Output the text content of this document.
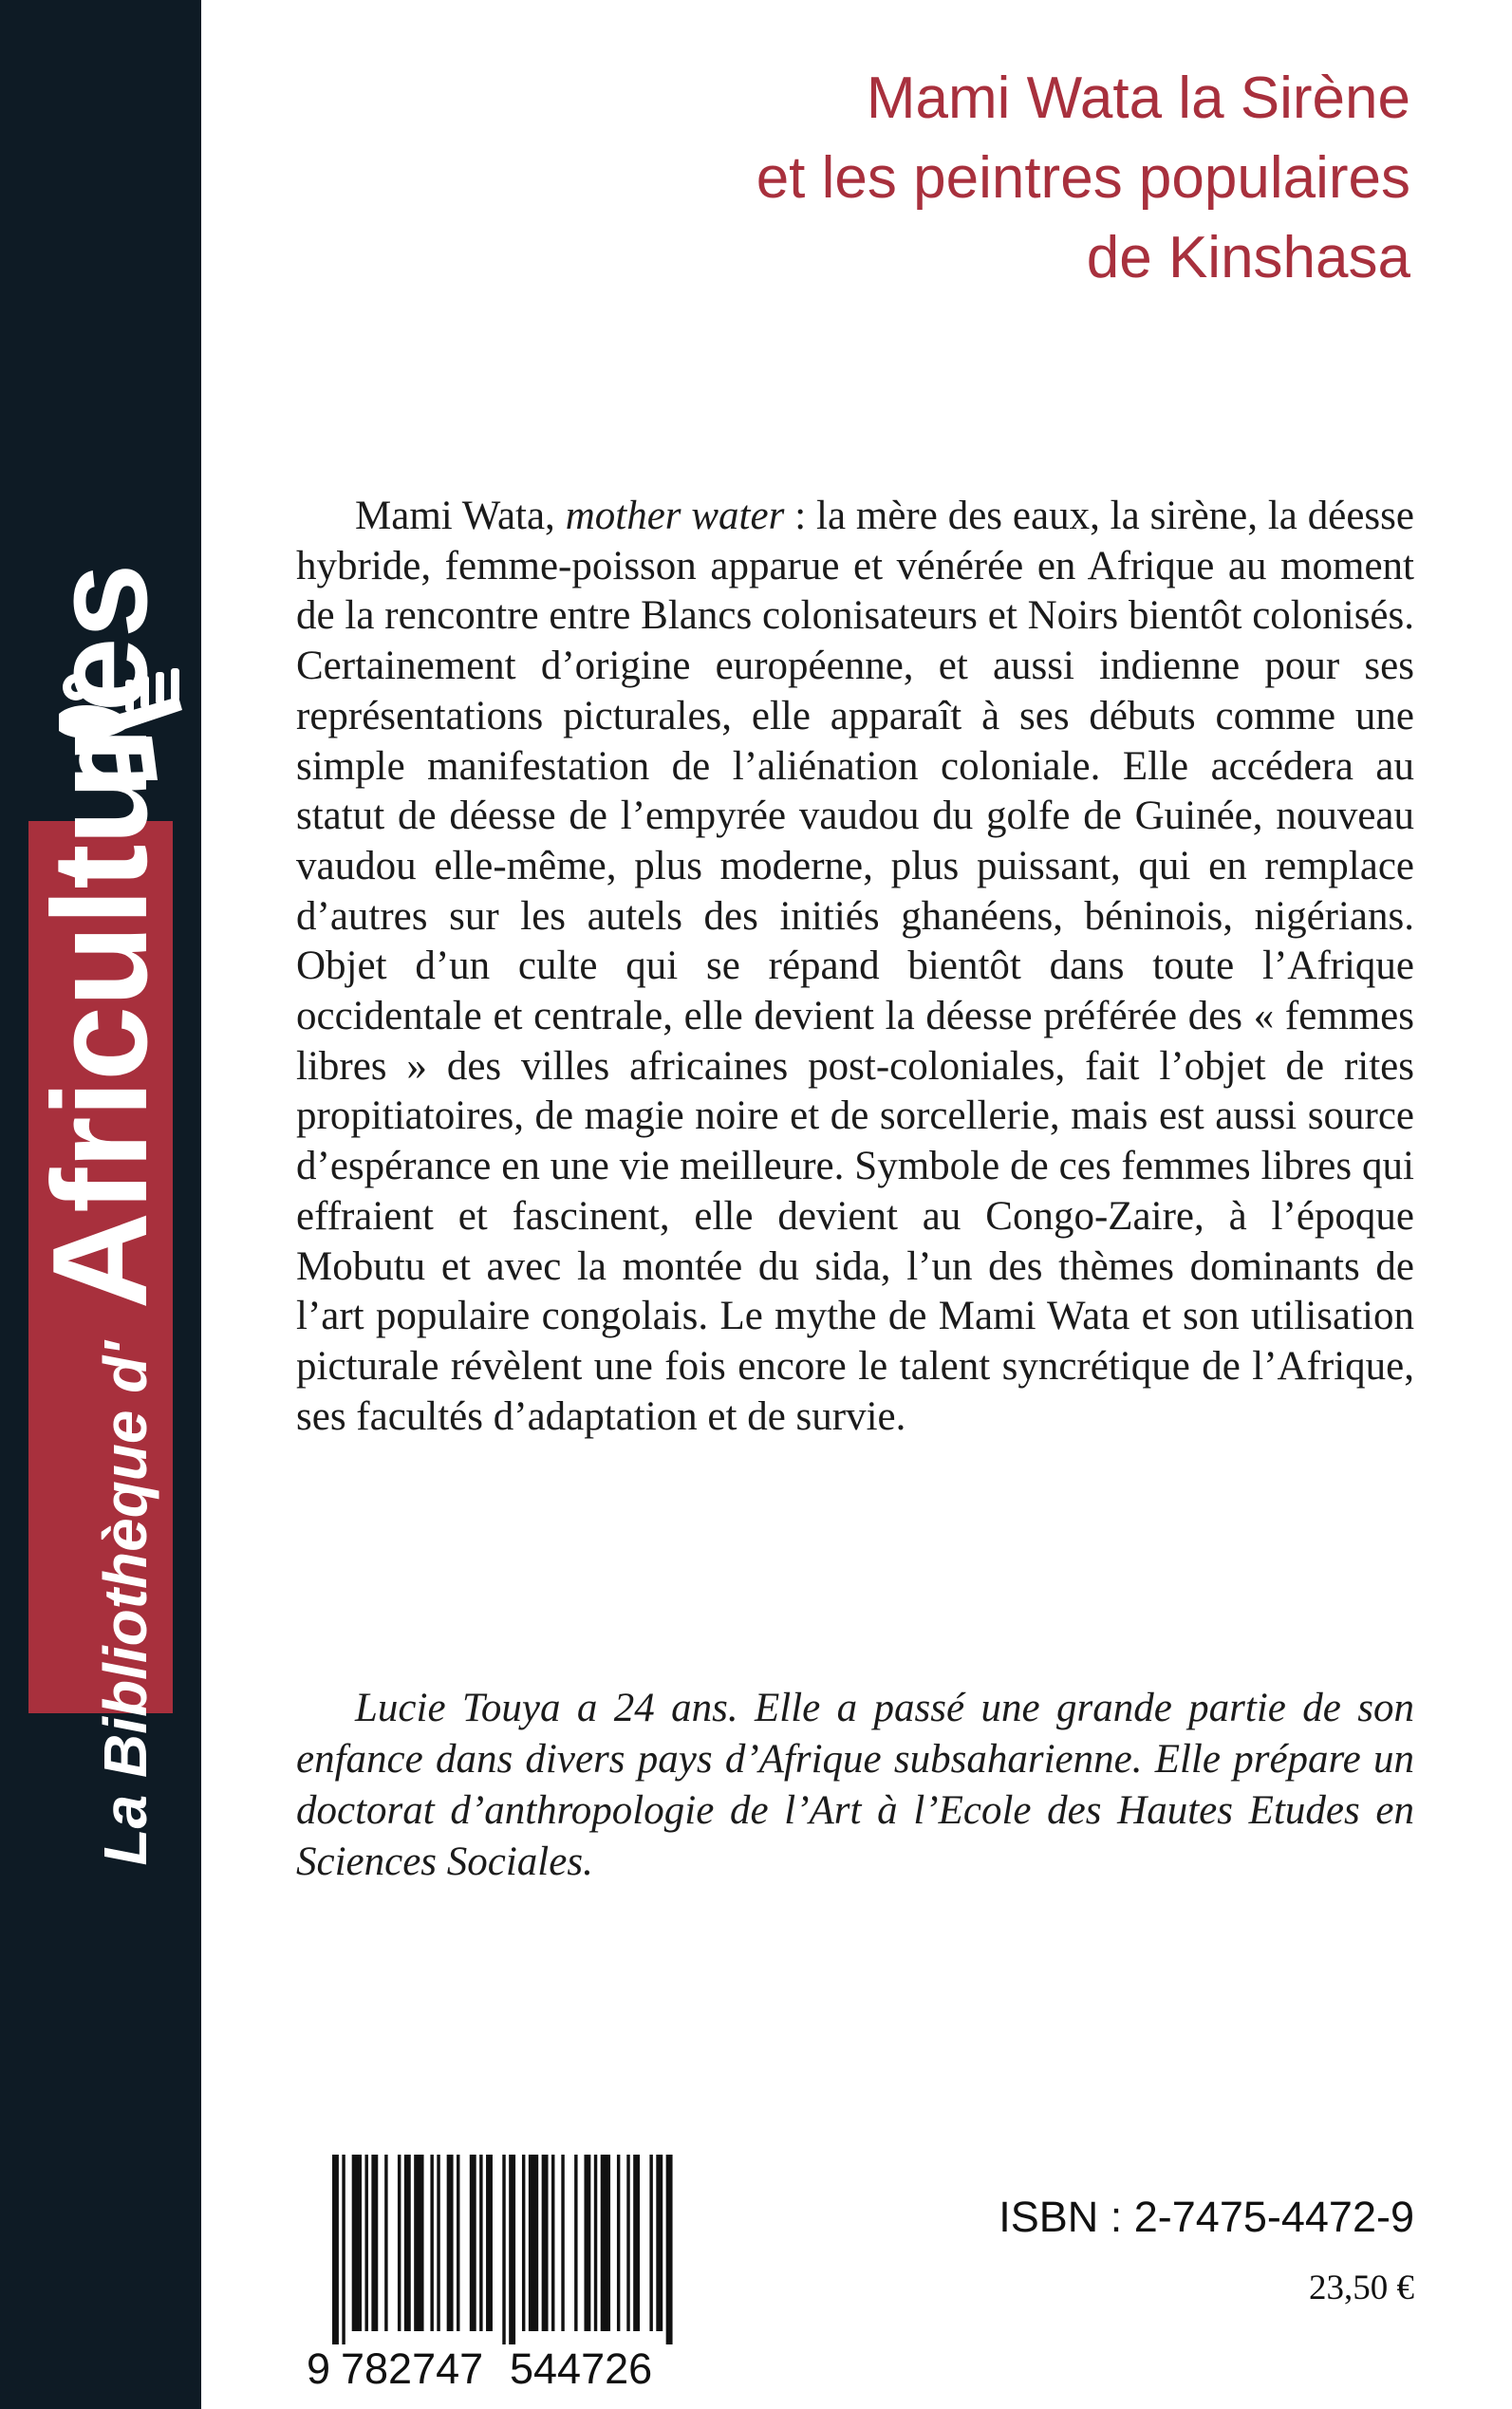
La Bibliothèque d'
Africultures
Mami Wata la Sirène
et les peintres populaires
de Kinshasa

Mami Wata, mother water : la mère des eaux, la sirène, la déesse hybride, femme-poisson apparue et vénérée en Afrique au moment de la rencontre entre Blancs colonisateurs et Noirs bientôt colonisés. Certainement d’origine européenne, et aussi indienne pour ses représentations picturales, elle apparaît à ses débuts comme une simple manifestation de l’aliénation coloniale. Elle accédera au statut de déesse de l’empyrée vaudou du golfe de Guinée, nouveau vaudou elle-même, plus moderne, plus puissant, qui en remplace d’autres sur les autels des initiés ghanéens, béninois, nigérians. Objet d’un culte qui se répand bientôt dans toute l’Afrique occidentale et centrale, elle devient la déesse préférée des « femmes libres » des villes africaines post-coloniales, fait l’objet de rites propitiatoires, de magie noire et de sorcellerie, mais est aussi source d’espérance en une vie meilleure. Symbole de ces femmes libres qui effraient et fascinent, elle devient au Congo-Zaire, à l’époque Mobutu et avec la montée du sida, l’un des thèmes dominants de l’art populaire congolais. Le mythe de Mami Wata et son utilisation picturale révèlent une fois encore le talent syncrétique de l’Afrique, ses facultés d’adaptation et de survie.

Lucie Touya a 24 ans. Elle a passé une grande partie de son enfance dans divers pays d’Afrique subsaharienne. Elle prépare un doctorat d’anthropologie de l’Art à l’Ecole des Hautes Etudes en Sciences Sociales.

9 782747 544726
ISBN : 2-7475-4472-9
23,50 €
